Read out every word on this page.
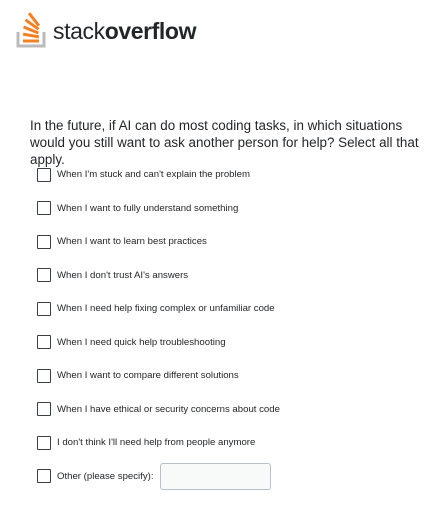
stackoverflow

In the future, if AI can do most coding tasks, in which situations would you still want to ask another person for help? Select all that apply.

When I'm stuck and can't explain the problem
When I want to fully understand something
When I want to learn best practices
When I don't trust AI's answers
When I need help fixing complex or unfamiliar code
When I need quick help troubleshooting
When I want to compare different solutions
When I have ethical or security concerns about code
I don't think I'll need help from people anymore
Other (please specify):
